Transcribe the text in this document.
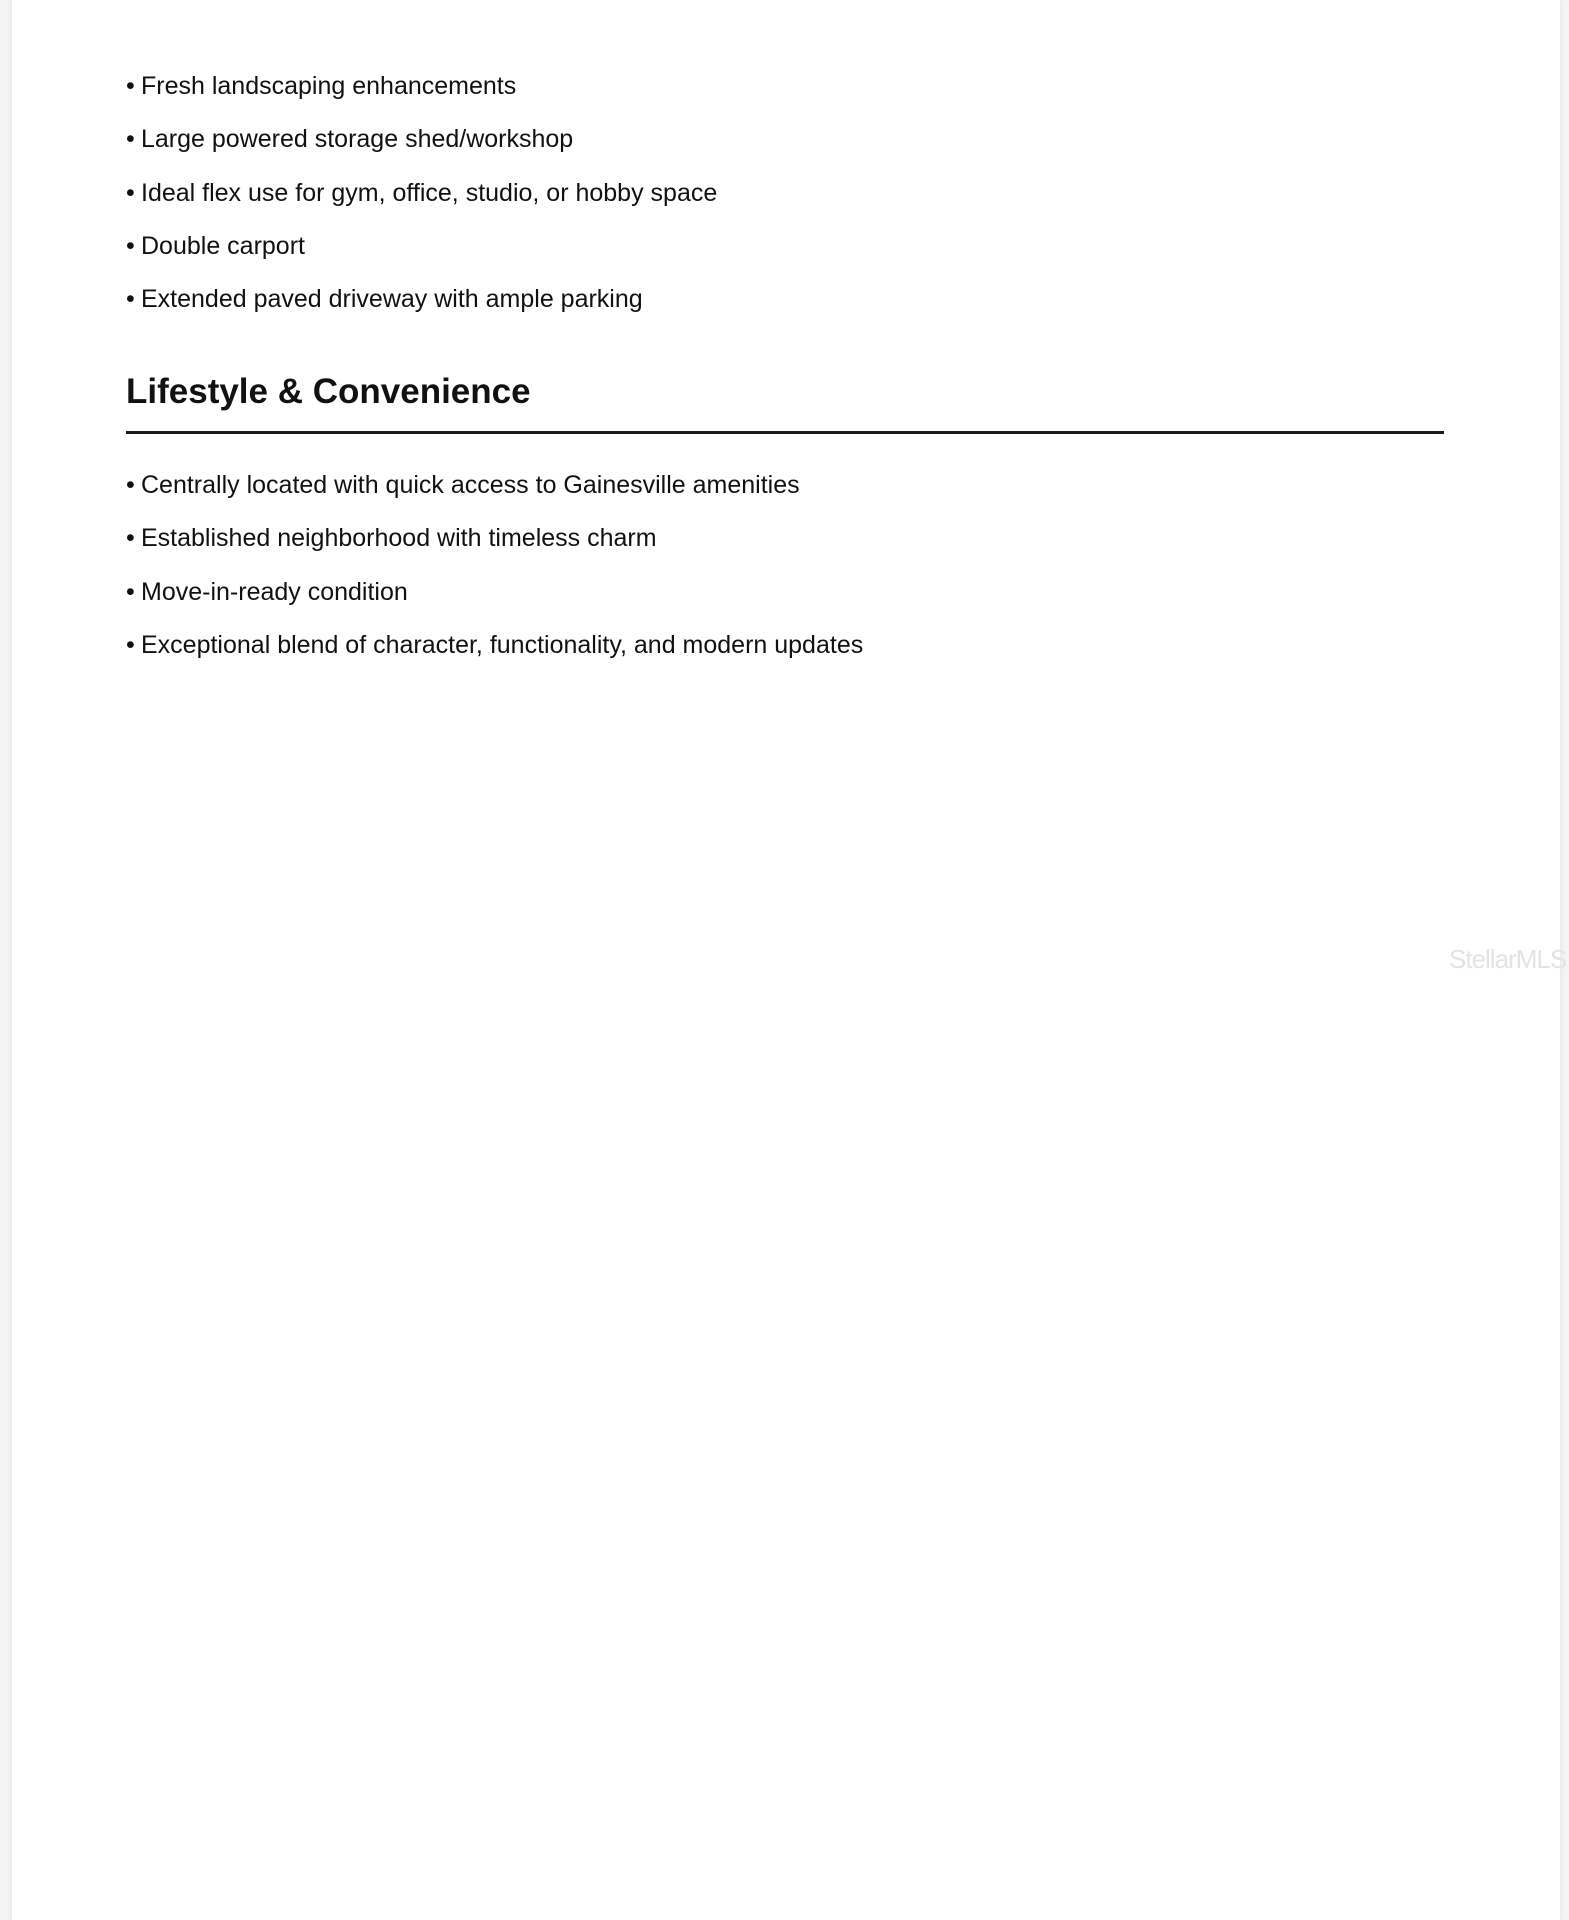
• Fresh landscaping enhancements
• Large powered storage shed/workshop
• Ideal flex use for gym, office, studio, or hobby space
• Double carport
• Extended paved driveway with ample parking
Lifestyle & Convenience
• Centrally located with quick access to Gainesville amenities
• Established neighborhood with timeless charm
• Move-in-ready condition
• Exceptional blend of character, functionality, and modern updates
StellarMLS
